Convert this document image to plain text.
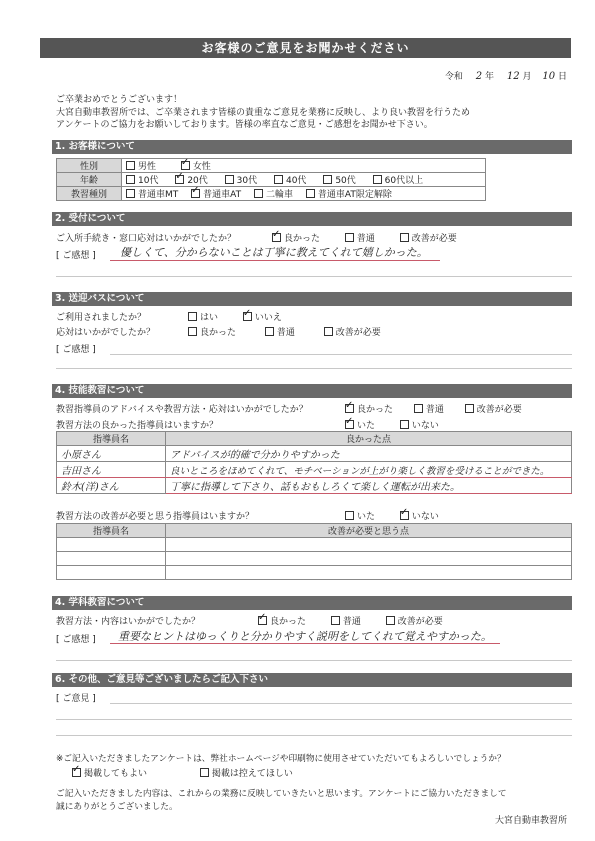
お客様のご意見をお聞かせください
令和 2 年 12 月 10 日
ご卒業おめでとうございます！
大宮自動車教習所では、ご卒業されます皆様の貴重なご意見を業務に反映し、より良い教習を行うため
アンケートのご協力をお願いしております。皆様の率直なご意見・ご感想をお聞かせ下さい。
1. お客様について
性別	男性 ✓ 女性
年齢	10代 ✓ 20代 30代 40代 50代 60代以上
教習種別	普通車MT ✓ 普通車AT 二輪車 普通車AT限定解除
2. 受付について
ご入所手続き・窓口応対はいかがでしたか？ ✓	良かった	普通	改善が必要
[ ご感想 ] 優しくて、分からないことは丁寧に教えてくれて嬉しかった。
3. 送迎バスについて
ご利用されましたか？	はい ✓	いいえ
応対はいかがでしたか？	良かった	普通	改善が必要
[ ご感想 ]
4. 技能教習について
教習指導員のアドバイスや教習方法・応対はいかがでしたか？ ✓	良かった	普通	改善が必要
教習方法の良かった指導員はいますか？ ✓	いた	いない
指導員名	良かった点
小原さん	アドバイスが的確で分かりやすかった
吉田さん	良いところをほめてくれて、モチベーションが上がり楽しく教習を受けることができた。
鈴木(洋)さん	丁寧に指導して下さり、話もおもしろくて楽しく運転が出来た。
教習方法の改善が必要と思う指導員はいますか？	いた ✓	いない
指導員名	改善が必要と思う点

4. 学科教習について
教習方法・内容はいかがでしたか？ ✓	良かった	普通	改善が必要
[ ご感想 ] 重要なヒントはゆっくりと分かりやすく説明をしてくれて覚えやすかった。
6. その他、ご意見等ございましたらご記入下さい
[ ご意見 ]
※ご記入いただきましたアンケートは、弊社ホームページや印刷物に使用させていただいてもよろしいでしょうか？
✓掲載してもよい	掲載は控えてほしい
ご記入いただきました内容は、これからの業務に反映していきたいと思います。アンケートにご協力いただきまして
誠にありがとうございました。
大宮自動車教習所
